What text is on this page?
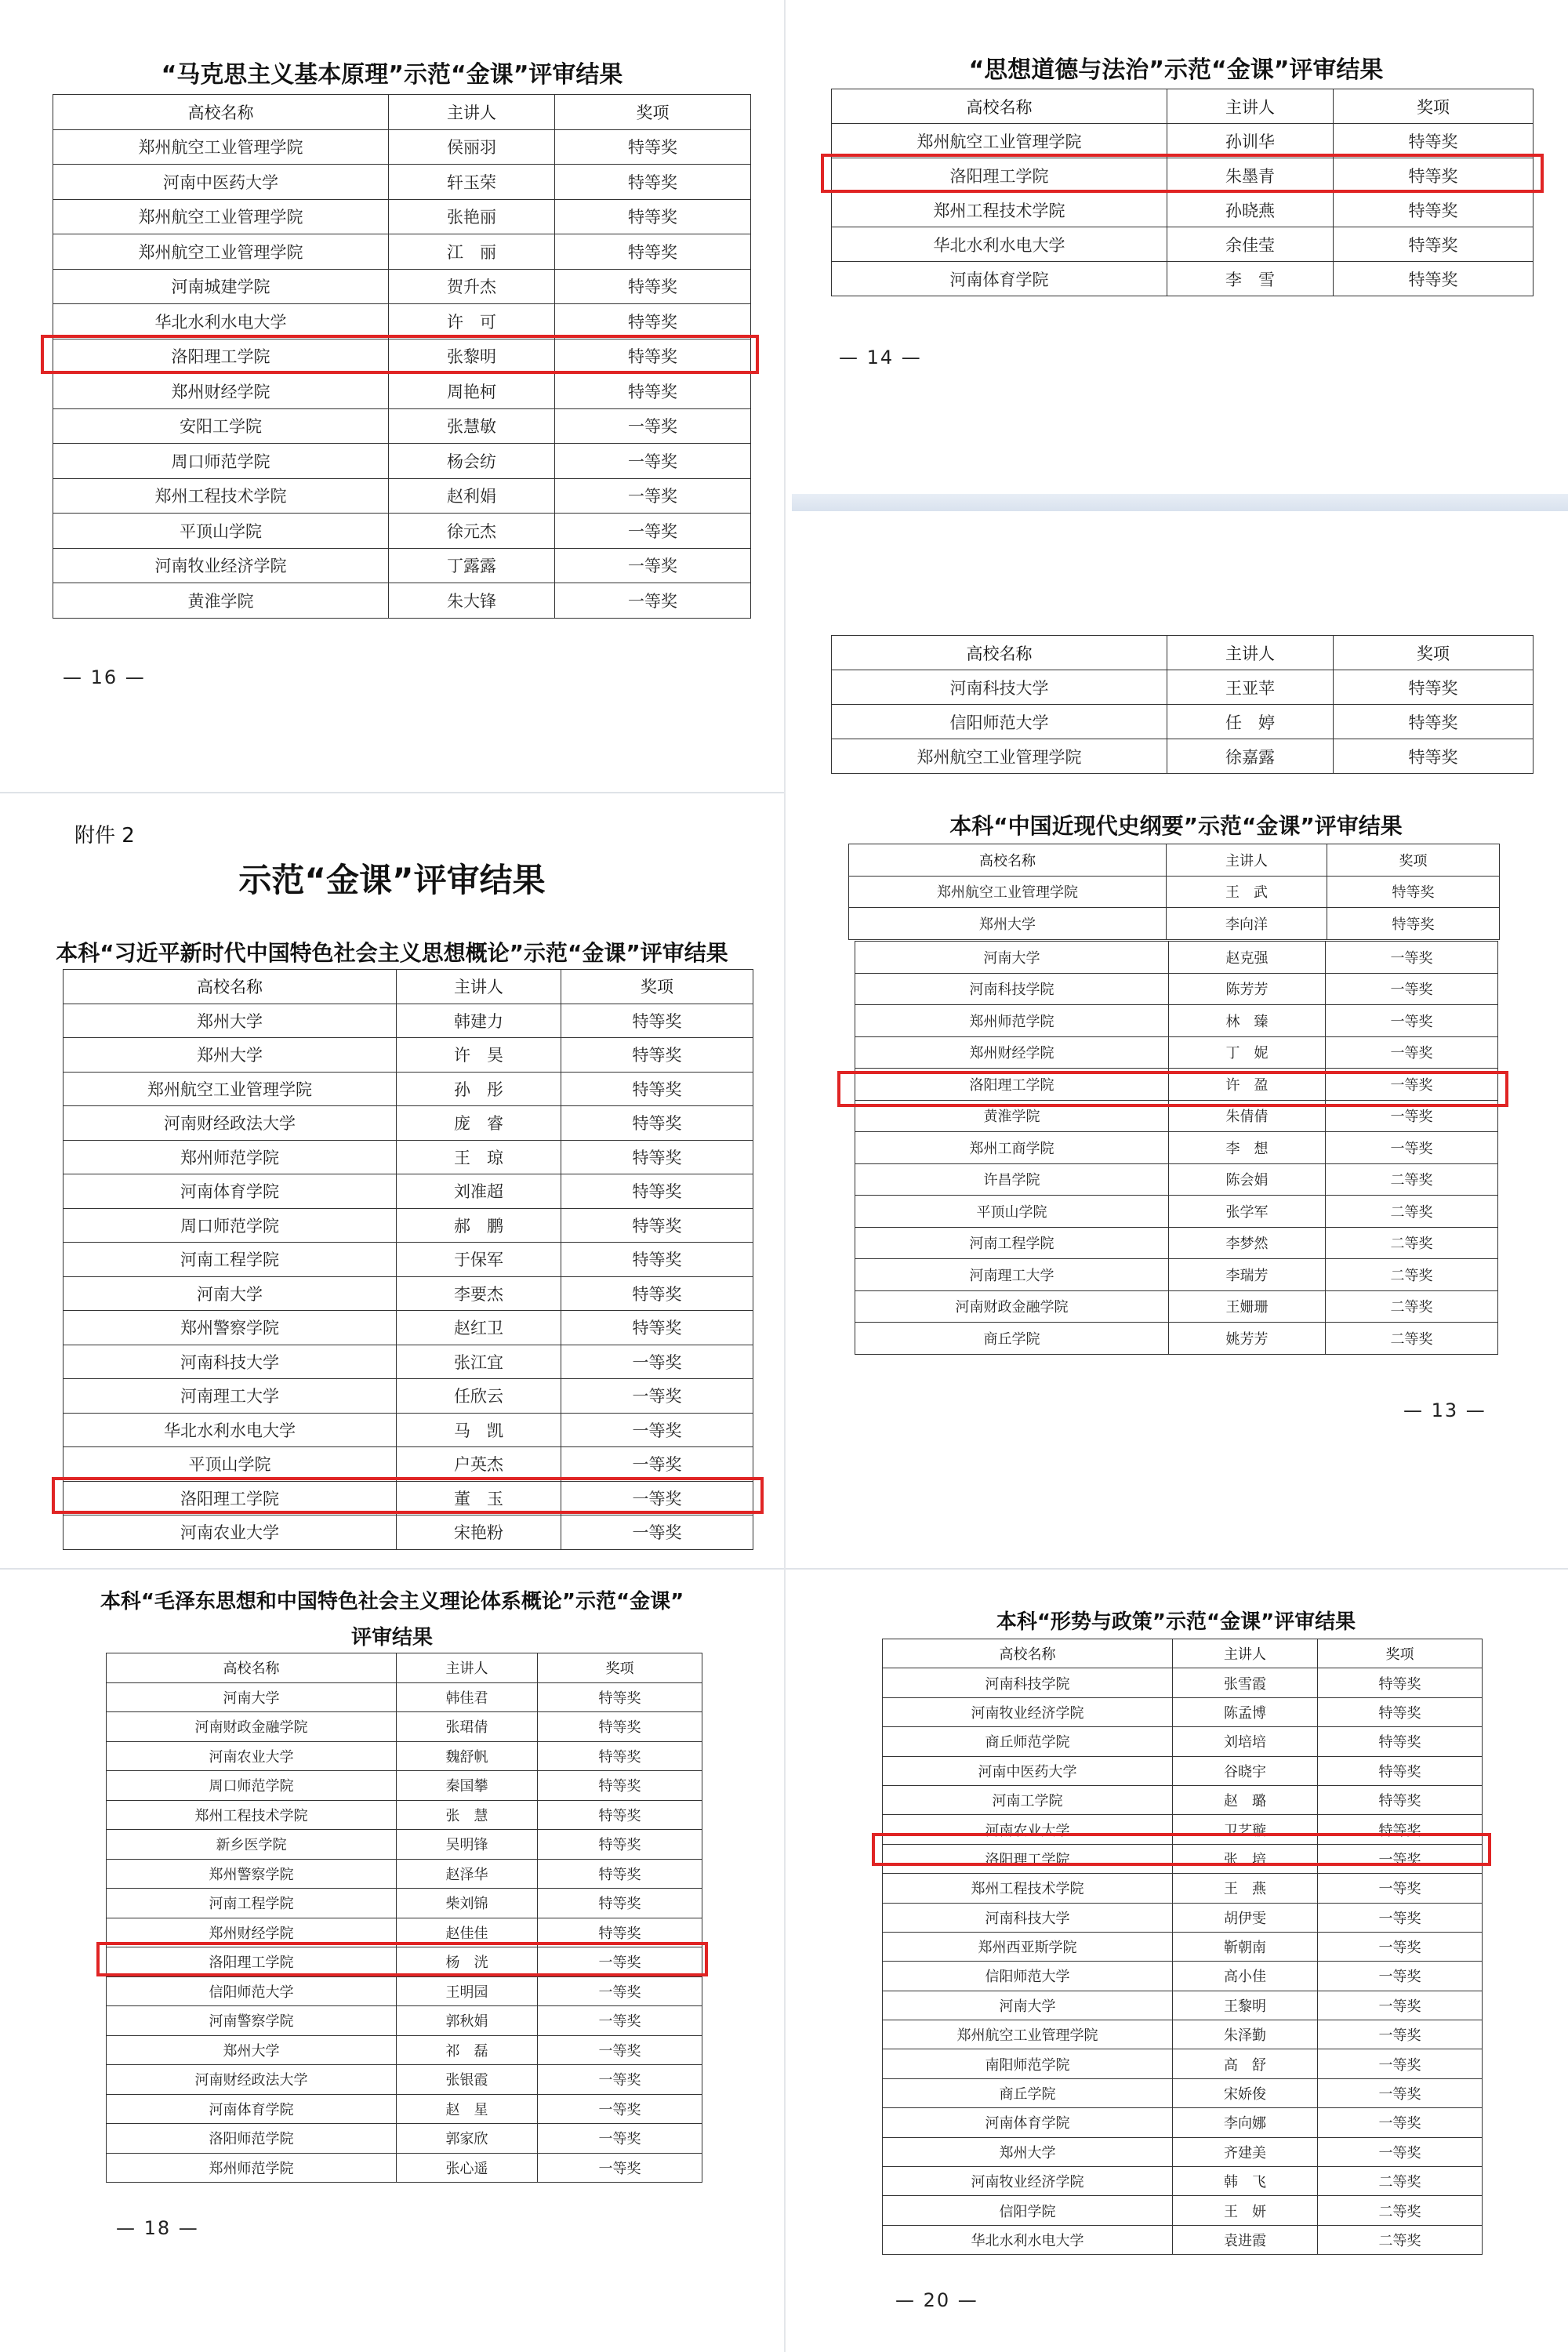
“马克思主义基本原理”示范“金课”评审结果
高校名称	主讲人	奖项
郑州航空工业管理学院	侯丽羽	特等奖
河南中医药大学	轩玉荣	特等奖
郑州航空工业管理学院	张艳丽	特等奖
郑州航空工业管理学院	江　丽	特等奖
河南城建学院	贺升杰	特等奖
华北水利水电大学	许　可	特等奖
洛阳理工学院	张黎明	特等奖
郑州财经学院	周艳柯	特等奖
安阳工学院	张慧敏	一等奖
周口师范学院	杨会纺	一等奖
郑州工程技术学院	赵利娟	一等奖
平顶山学院	徐元杰	一等奖
河南牧业经济学院	丁露露	一等奖
黄淮学院	朱大锋	一等奖
— 16 —
“思想道德与法治”示范“金课”评审结果
高校名称	主讲人	奖项
郑州航空工业管理学院	孙训华	特等奖
洛阳理工学院	朱墨青	特等奖
郑州工程技术学院	孙晓燕	特等奖
华北水利水电大学	余佳莹	特等奖
河南体育学院	李　雪	特等奖
— 14 —
高校名称	主讲人	奖项
河南科技大学	王亚苹	特等奖
信阳师范大学	任　婷	特等奖
郑州航空工业管理学院	徐嘉露	特等奖
附件 2
示范“金课”评审结果
本科“习近平新时代中国特色社会主义思想概论”示范“金课”评审结果
高校名称	主讲人	奖项
郑州大学	韩建力	特等奖
郑州大学	许　昊	特等奖
郑州航空工业管理学院	孙　彤	特等奖
河南财经政法大学	庞　睿	特等奖
郑州师范学院	王　琼	特等奖
河南体育学院	刘准超	特等奖
周口师范学院	郝　鹏	特等奖
河南工程学院	于保军	特等奖
河南大学	李要杰	特等奖
郑州警察学院	赵红卫	特等奖
河南科技大学	张江宜	一等奖
河南理工大学	任欣云	一等奖
华北水利水电大学	马　凯	一等奖
平顶山学院	户英杰	一等奖
洛阳理工学院	董　玉	一等奖
河南农业大学	宋艳粉	一等奖
本科“中国近现代史纲要”示范“金课”评审结果
高校名称	主讲人	奖项
郑州航空工业管理学院	王　武	特等奖
郑州大学	李向洋	特等奖
河南大学	赵克强	一等奖
河南科技学院	陈芳芳	一等奖
郑州师范学院	林　臻	一等奖
郑州财经学院	丁　妮	一等奖
洛阳理工学院	许　盈	一等奖
黄淮学院	朱倩倩	一等奖
郑州工商学院	李　想	一等奖
许昌学院	陈会娟	二等奖
平顶山学院	张学军	二等奖
河南工程学院	李梦然	二等奖
河南理工大学	李瑞芳	二等奖
河南财政金融学院	王姗珊	二等奖
商丘学院	姚芳芳	二等奖
— 13 —
本科“毛泽东思想和中国特色社会主义理论体系概论”示范“金课”
评审结果
高校名称	主讲人	奖项
河南大学	韩佳君	特等奖
河南财政金融学院	张珺倩	特等奖
河南农业大学	魏舒帆	特等奖
周口师范学院	秦国攀	特等奖
郑州工程技术学院	张　慧	特等奖
新乡医学院	吴明锋	特等奖
郑州警察学院	赵泽华	特等奖
河南工程学院	柴刘锦	特等奖
郑州财经学院	赵佳佳	特等奖
洛阳理工学院	杨　洸	一等奖
信阳师范大学	王明园	一等奖
河南警察学院	郭秋娟	一等奖
郑州大学	祁　磊	一等奖
河南财经政法大学	张银霞	一等奖
河南体育学院	赵　星	一等奖
洛阳师范学院	郭家欣	一等奖
郑州师范学院	张心遥	一等奖
— 18 —
本科“形势与政策”示范“金课”评审结果
高校名称	主讲人	奖项
河南科技学院	张雪霞	特等奖
河南牧业经济学院	陈孟博	特等奖
商丘师范学院	刘培培	特等奖
河南中医药大学	谷晓宇	特等奖
河南工学院	赵　璐	特等奖
河南农业大学	卫艺璇	特等奖
洛阳理工学院	张　培	一等奖
郑州工程技术学院	王　燕	一等奖
河南科技大学	胡伊雯	一等奖
郑州西亚斯学院	靳朝南	一等奖
信阳师范大学	高小佳	一等奖
河南大学	王黎明	一等奖
郑州航空工业管理学院	朱泽勤	一等奖
南阳师范学院	高　舒	一等奖
商丘学院	宋娇俊	一等奖
河南体育学院	李向娜	一等奖
郑州大学	齐建美	一等奖
河南牧业经济学院	韩　飞	二等奖
信阳学院	王　妍	二等奖
华北水利水电大学	袁进霞	二等奖
— 20 —
